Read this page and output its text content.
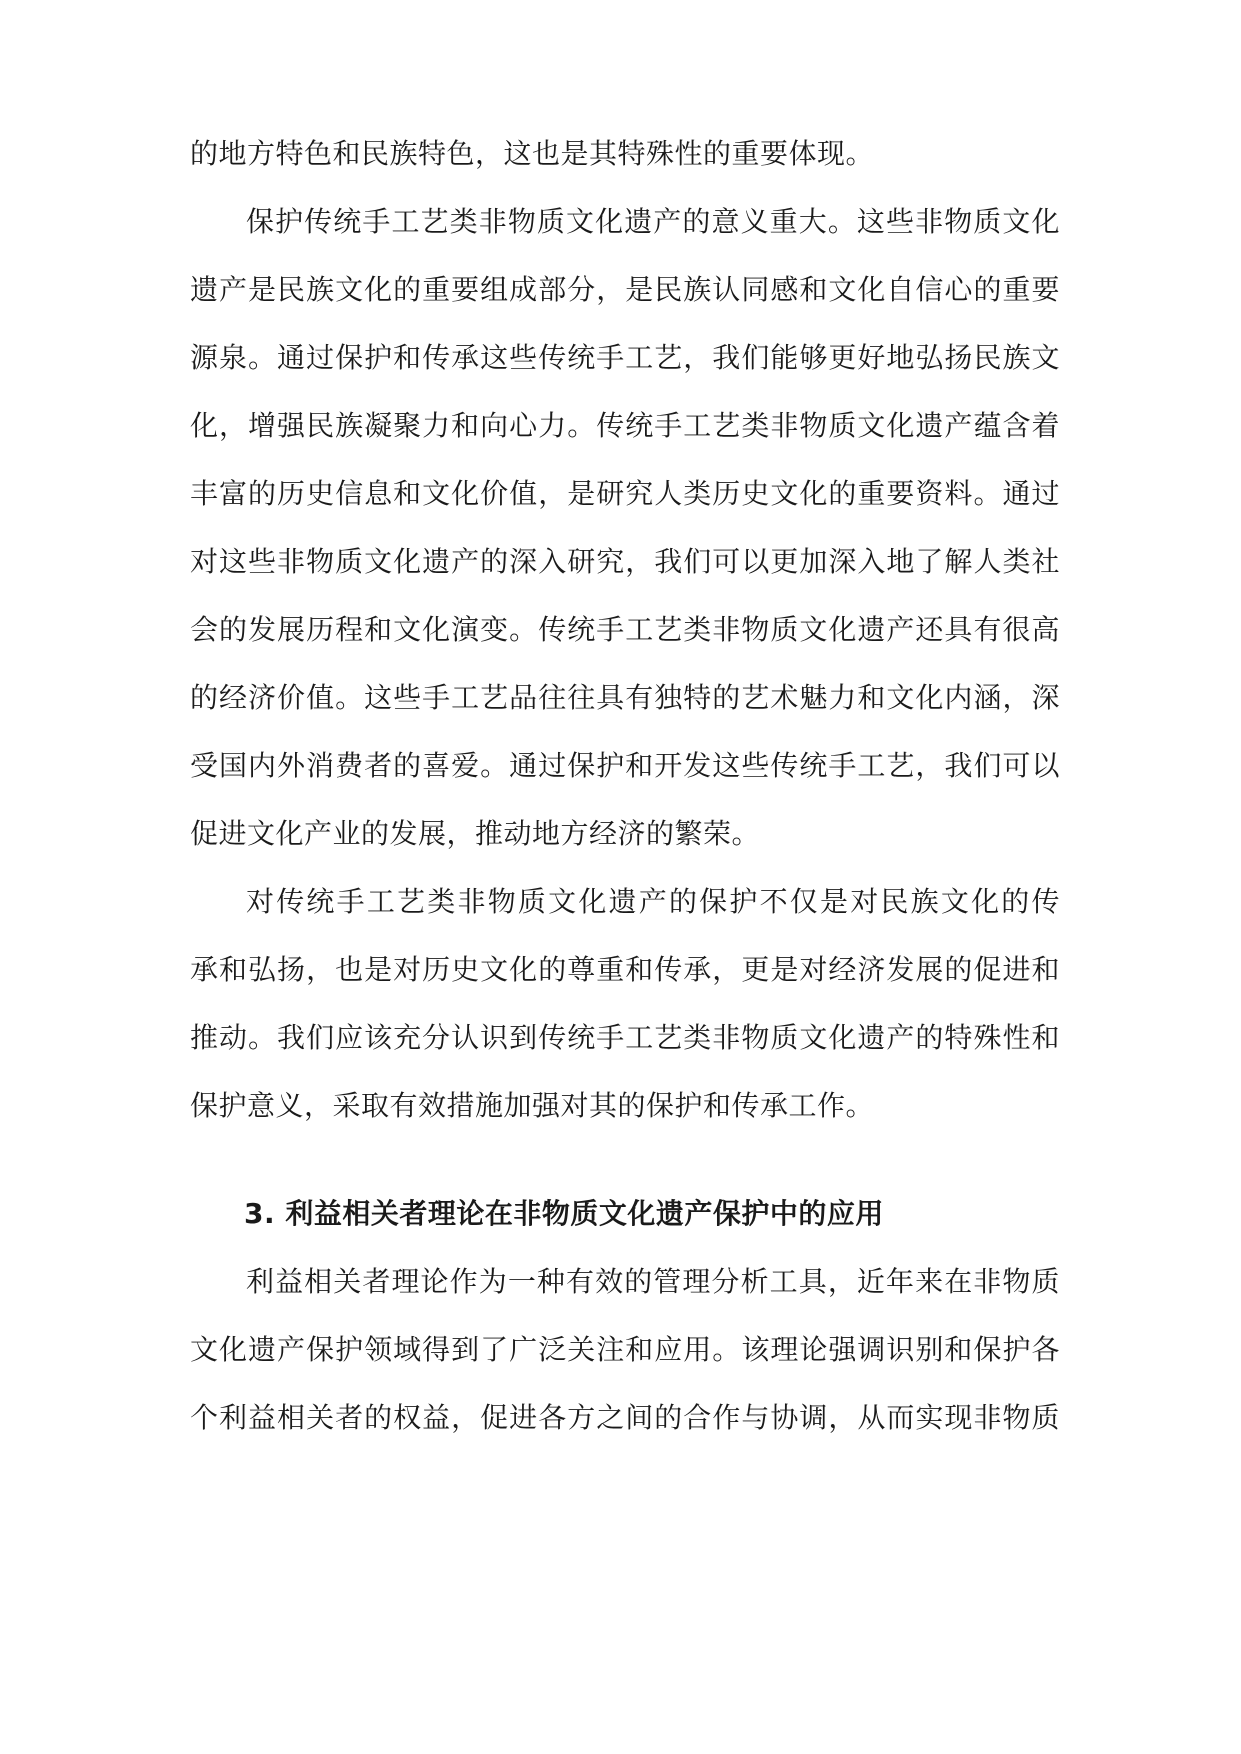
的地方特色和民族特色，这也是其特殊性的重要体现。
保护传统手工艺类非物质文化遗产的意义重大。这些非物质文化
遗产是民族文化的重要组成部分，是民族认同感和文化自信心的重要
源泉。通过保护和传承这些传统手工艺，我们能够更好地弘扬民族文
化，增强民族凝聚力和向心力。传统手工艺类非物质文化遗产蕴含着
丰富的历史信息和文化价值，是研究人类历史文化的重要资料。通过
对这些非物质文化遗产的深入研究，我们可以更加深入地了解人类社
会的发展历程和文化演变。传统手工艺类非物质文化遗产还具有很高
的经济价值。这些手工艺品往往具有独特的艺术魅力和文化内涵，深
受国内外消费者的喜爱。通过保护和开发这些传统手工艺，我们可以
促进文化产业的发展，推动地方经济的繁荣。
对传统手工艺类非物质文化遗产的保护不仅是对民族文化的传
承和弘扬，也是对历史文化的尊重和传承，更是对经济发展的促进和
推动。我们应该充分认识到传统手工艺类非物质文化遗产的特殊性和
保护意义，采取有效措施加强对其的保护和传承工作。
3. 利益相关者理论在非物质文化遗产保护中的应用
利益相关者理论作为一种有效的管理分析工具，近年来在非物质
文化遗产保护领域得到了广泛关注和应用。该理论强调识别和保护各
个利益相关者的权益，促进各方之间的合作与协调，从而实现非物质
